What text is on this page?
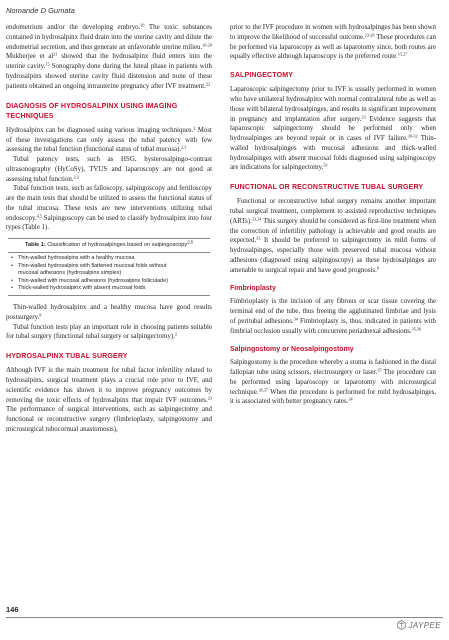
Nomande D Gumata

endometrium and/or the developing embryo.$^{16}$ The toxic substances contained in hydrosalpinx fluid drain into the uterine cavity and dilute the endometrial secretion, and thus generate an unfavorable uterine milieu.$^{16-20}$ Mukherjee et $al^{21}$ showed that the hydrosalpinx fluid enters into the uterine cavity.$^{15}$ Sonography done during the luteal phase in patients with hydrosalpinx showed uterine cavity fluid distension and none of these patients obtained an ongoing intrauterine pregnancy after IVF treatment.$^{22}$

DIAGNOSIS OF HYDROSALPINX USING IMAGING TECHNIQUES

Hydrosalpinx can be diagnosed using various imaging techniques.$^2$ Most of these investigations can only assess the tubal patency with few assessing the tubal function (functional status of tubal mucosa).$^{2,3}$

Tubal patency tests, such as HSG, hysterosalpingo-contrast ultrasonography (HyCoSy), TVUS and laparoscopy are not good at assessing tubal function.$^{2,3}$

Tubal function tests, such as falloscopy, salpingoscopy and fertiloscopy are the main tests that should be utilized to assess the functional status of the tubal mucosa. These tests are new interventions utilizing tubal endoscopy.$^{4,5}$ Salpingoscopy can be used to classify hydrosalpinx into four types (Table 1).

Table 1: Classification of hydrosalpinges based on salpingoscopy$^{2,6}$
• Thin-walled hydrosalpinx with a healthy mucosa
• Thin-walled hydrosalpinx with flattened mucosal folds without
mucosal adhesions (hydrosalpinx simplex)
• Thin-walled with mucosal adhesions (hydrosalpinx folliculade)
• Thick-walled hydrosalpinx with absent mucosal folds

Thin-walled hydrosalpinx and a healthy mucosa have good results postsurgery.$^8$

Tubal function tests play an important role in choosing patients suitable for tubal surgery (functional tubal surgery or salpingectomy).$^2$

HYDROSALPINX TUBAL SURGERY

Although IVF is the main treatment for tubal factor infertility related to hydrosalpinx, surgical treatment plays a crucial role prior to IVF, and scientific evidence has shown it to improve pregnancy outcomes by removing the toxic effects of hydrosalpinx that impair IVF outcomes.$^{23}$ The performance of surgical interventions, such as salpingectomy and functional or reconstructive surgery (fimbrioplasty, salpingostomy and microsurgical tubocornual anastomosis),

prior to the IVF procedure in women with hydrosalpinges has been shown to improve the likelihood of successful outcome.$^{23-26}$ These procedures can be performed via laparoscopy as well as laparotomy since, both routes are equally effective although laparoscopy is the preferred route.$^{15,27}$

SALPINGECTOMY

Laparoscopic salpingectomy prior to IVF is usually performed in women who have unilateral hydrosalpinx with normal contralateral tube as well as those with bilateral hydrosalpinges, and results in significant improvement in pregnancy and implantation after surgery.$^{23}$ Evidence suggests that laparoscopic salpingectomy should be performed only when hydrosalpinges are beyond repair or in cases of IVF failure.$^{30-32}$ Thin-walled hydrosalpinges with mucosal adhesions and thick-walled hydrosalpinges with absent mucosal folds diagnosed using salpingoscopy are indications for salpingectomy.$^{33}$

FUNCTIONAL OR RECONSTRUCTIVE TUBAL SURGERY

Functional or reconstructive tubal surgery remains another important tubal surgical treatment, complement to assisted reproductive techniques (ARTs).$^{33,34}$ This surgery should be considered as first-line treatment when the correction of infertility pathology is achievable and good results are expected.$^{33}$ It should be preferred to salpingectomy in mild forms of hydrosalpinges, especially those with preserved tubal mucosa without adhesions (diagnosed using salpingoscopy) as these hydrosalpinges are amenable to surgical repair and have good prognosis.$^8$

Fimbrioplasty

Fimbrioplasty is the incision of any fibrous or scar tissue covering the terminal end of the tube, thus freeing the agglutinated fimbriae and lysis of peritubal adhesions.$^{34}$ Fimbrioplasty is, thus, indicated in patients with fimbrial occlusion usually with concurrent periadnexal adhesions.$^{35,36}$

Salpingostomy or Neosalpingostomy

Salpingostomy is the procedure whereby a stoma is fashioned in the distal fallopian tube using scissors, electrosurgery or laser.$^{35}$ The procedure can be performed using laparoscopy or laparotomy with microsurgical technique.$^{36,37}$ When the procedure is performed for mild hydrosalpinges, it is associated with better pregnancy rates.$^{34}$

146
JAYPEE
